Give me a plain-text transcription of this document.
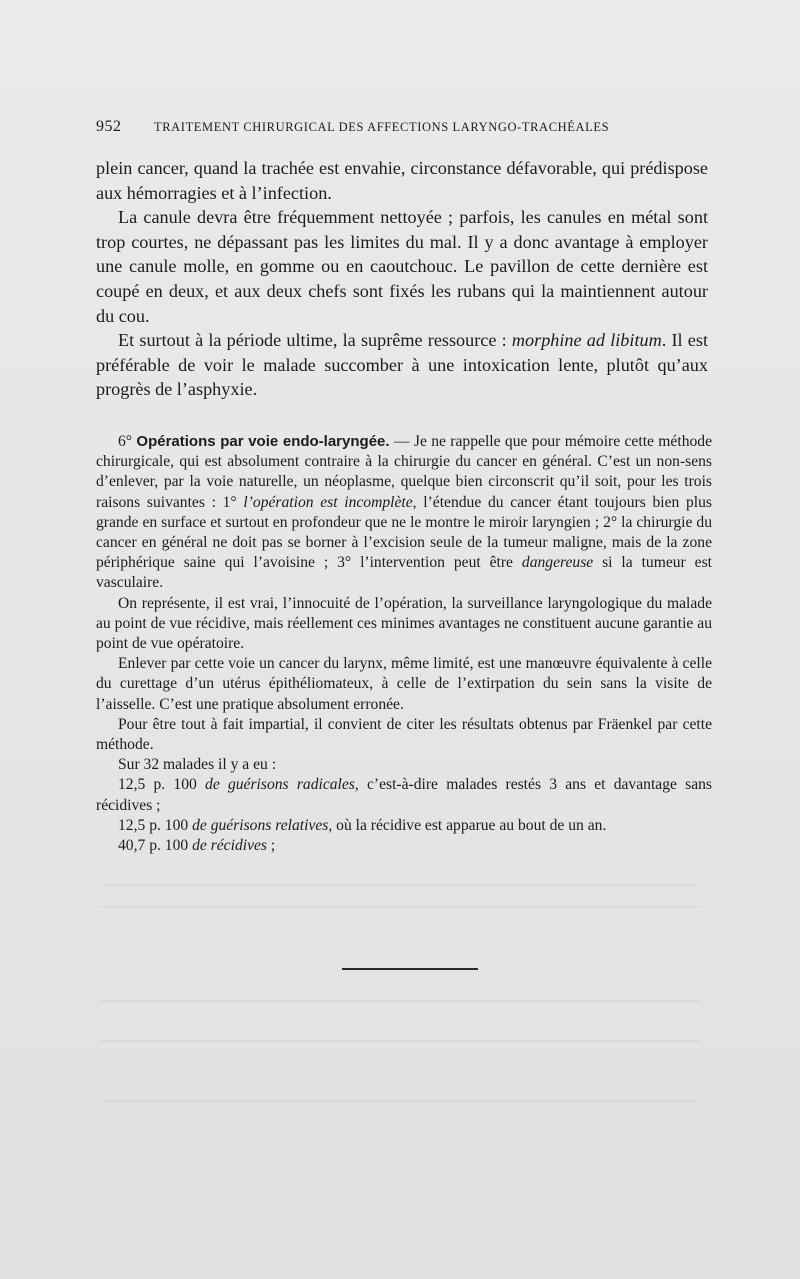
952	TRAITEMENT CHIRURGICAL DES AFFECTIONS LARYNGO-TRACHÉALES

plein cancer, quand la trachée est envahie, circonstance défavorable, qui prédispose aux hémorragies et à l’infection.

La canule devra être fréquemment nettoyée ; parfois, les canules en métal sont trop courtes, ne dépassant pas les limites du mal. Il y a donc avantage à employer une canule molle, en gomme ou en caoutchouc. Le pavillon de cette dernière est coupé en deux, et aux deux chefs sont fixés les rubans qui la maintiennent autour du cou.

Et surtout à la période ultime, la suprême ressource : morphine ad libitum. Il est préférable de voir le malade succomber à une intoxication lente, plutôt qu’aux progrès de l’asphyxie.

6° Opérations par voie endo-laryngée. — Je ne rappelle que pour mémoire cette méthode chirurgicale, qui est absolument contraire à la chirurgie du cancer en général. C’est un non-sens d’enlever, par la voie naturelle, un néoplasme, quelque bien circonscrit qu’il soit, pour les trois raisons suivantes : 1° l’opération est incomplète, l’étendue du cancer étant toujours bien plus grande en surface et surtout en profondeur que ne le montre le miroir laryngien ; 2° la chirurgie du cancer en général ne doit pas se borner à l’excision seule de la tumeur maligne, mais de la zone périphérique saine qui l’avoisine ; 3° l’intervention peut être dangereuse si la tumeur est vasculaire.

On représente, il est vrai, l’innocuité de l’opération, la surveillance laryngologique du malade au point de vue récidive, mais réellement ces minimes avantages ne constituent aucune garantie au point de vue opératoire.

Enlever par cette voie un cancer du larynx, même limité, est une manœuvre équivalente à celle du curettage d’un utérus épithéliomateux, à celle de l’extirpation du sein sans la visite de l’aisselle. C’est une pratique absolument erronée.

Pour être tout à fait impartial, il convient de citer les résultats obtenus par Fräenkel par cette méthode.

Sur 32 malades il y a eu :

12,5 p. 100 de guérisons radicales, c’est-à-dire malades restés 3 ans et davantage sans récidives ;

12,5 p. 100 de guérisons relatives, où la récidive est apparue au bout de un an.

40,7 p. 100 de récidives ;
